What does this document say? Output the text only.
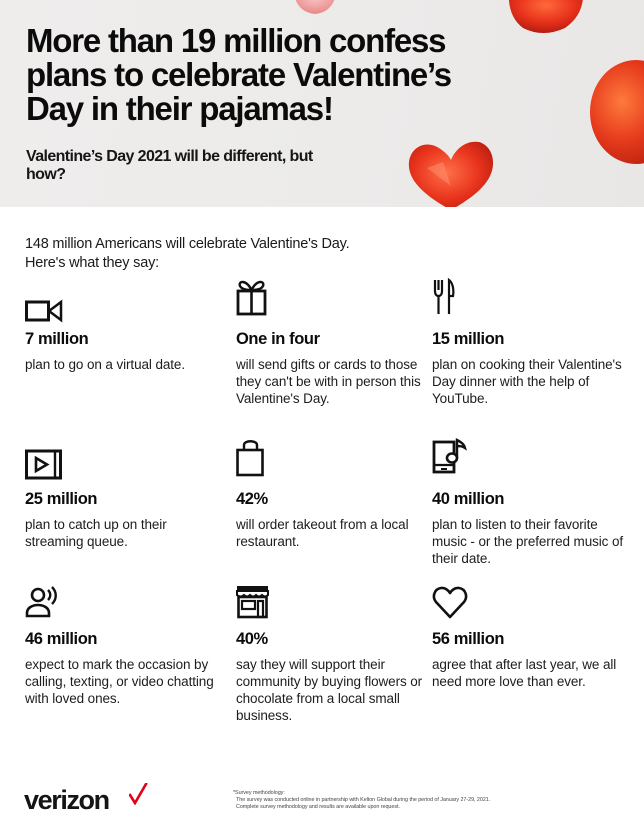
More than 19 million confess plans to celebrate Valentine’s Day in their pajamas!
Valentine’s Day 2021 will be different, but how?
148 million Americans will celebrate Valentine's Day.
Here's what they say:
7 million
plan to go on a virtual date.
One in four
will send gifts or cards to those they can't be with in person this Valentine's Day.
15 million
plan on cooking their Valentine's Day dinner with the help of YouTube.
25 million
plan to catch up on their streaming queue.
42%
will order takeout from a local restaurant.
40 million
plan to listen to their favorite music - or the preferred music of their date.
46 million
expect to mark the occasion by calling, texting, or video chatting with loved ones.
40%
say they will support their community by buying flowers or chocolate from a local small business.
56 million
agree that after last year, we all need more love than ever.
verizon	*Survey methodology:
The survey was conducted online in partnership with Kelton Global during the period of January 27-29, 2021.
Complete survey methodology and results are available upon request.
